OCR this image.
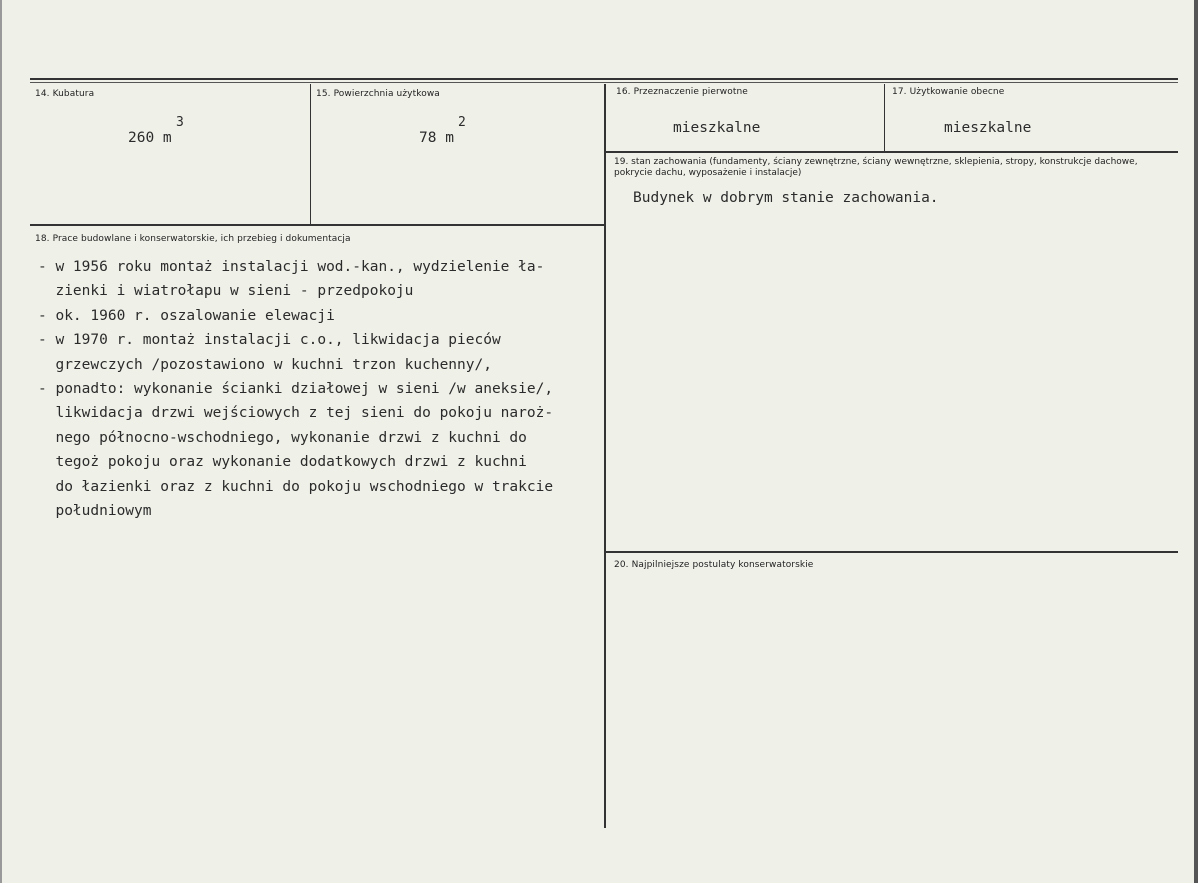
14. Kubatura
260 m
3
15. Powierzchnia użytkowa
78 m
2
16. Przeznaczenie pierwotne
mieszkalne
17. Użytkowanie obecne
mieszkalne
18. Prace budowlane i konserwatorskie, ich przebieg i dokumentacja
- w 1956 roku montaż instalacji wod.-kan., wydzielenie ła-
zienki i wiatrołapu w sieni - przedpokoju
- ok. 1960 r. oszalowanie elewacji
- w 1970 r. montaż instalacji c.o., likwidacja pieców
grzewczych /pozostawiono w kuchni trzon kuchenny/,
- ponadto: wykonanie ścianki działowej w sieni /w aneksie/,
likwidacja drzwi wejściowych z tej sieni do pokoju naroż-
nego północno-wschodniego, wykonanie drzwi z kuchni do
tegoż pokoju oraz wykonanie dodatkowych drzwi z kuchni
do łazienki oraz z kuchni do pokoju wschodniego w trakcie
południowym
19. stan zachowania (fundamenty, ściany zewnętrzne, ściany wewnętrzne, sklepienia, stropy, konstrukcje dachowe, pokrycie dachu, wyposażenie i instalacje)
Budynek w dobrym stanie zachowania.
20. Najpilniejsze postulaty konserwatorskie
